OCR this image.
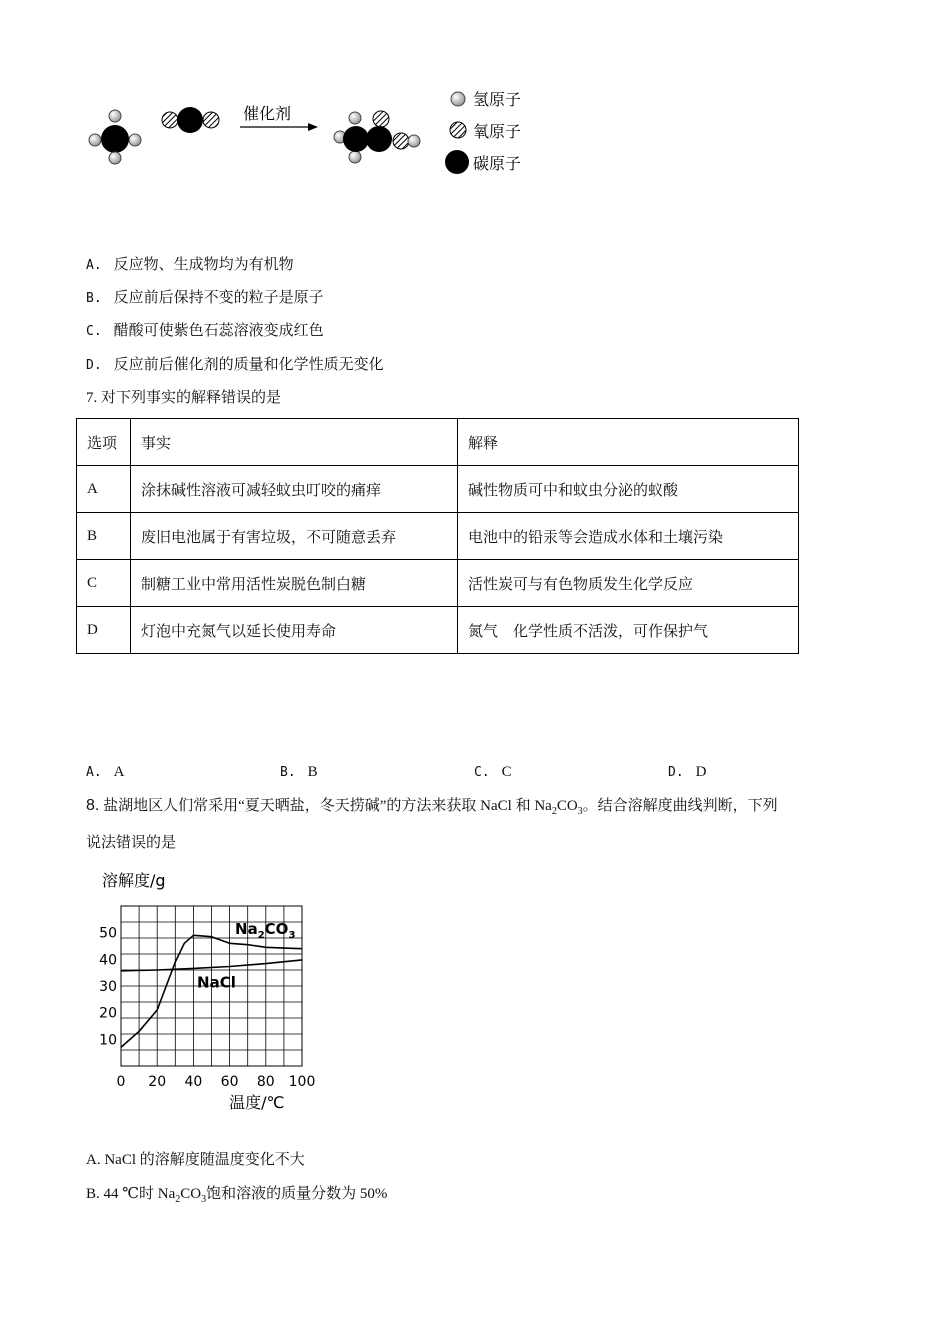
催化剂
氢原子
氧原子
碳原子
A. 反应物、生成物均为有机物
B. 反应前后保持不变的粒子是原子
C. 醋酸可使紫色石蕊溶液变成红色
D. 反应前后催化剂的质量和化学性质无变化
7. 对下列事实的解释错误的是
选项	事实	解释
A	涂抹碱性溶液可减轻蚊虫叮咬的痛痒	碱性物质可中和蚊虫分泌的蚁酸
B	废旧电池属于有害垃圾，不可随意丢弃	电池中的铅汞等会造成水体和土壤污染
C	制糖工业中常用活性炭脱色制白糖	活性炭可与有色物质发生化学反应
D	灯泡中充氮气以延长使用寿命	氮气　化学性质不活泼，可作保护气
A. A	B. B	C. C	D. D
8. 盐湖地区人们常采用“夏天晒盐，冬天捞碱”的方法来获取 NaCl 和 $Na_2CO_3$。结合溶解度曲线判断，下列
说法错误的是
溶解度/g
10
20
30
40
50
0 20 40 60 80 100
温度/℃
NaCl
$Na_2CO_3$
A. NaCl 的溶解度随温度变化不大
B. 44 ℃时 $Na_2CO_3$饱和溶液的质量分数为 50%
